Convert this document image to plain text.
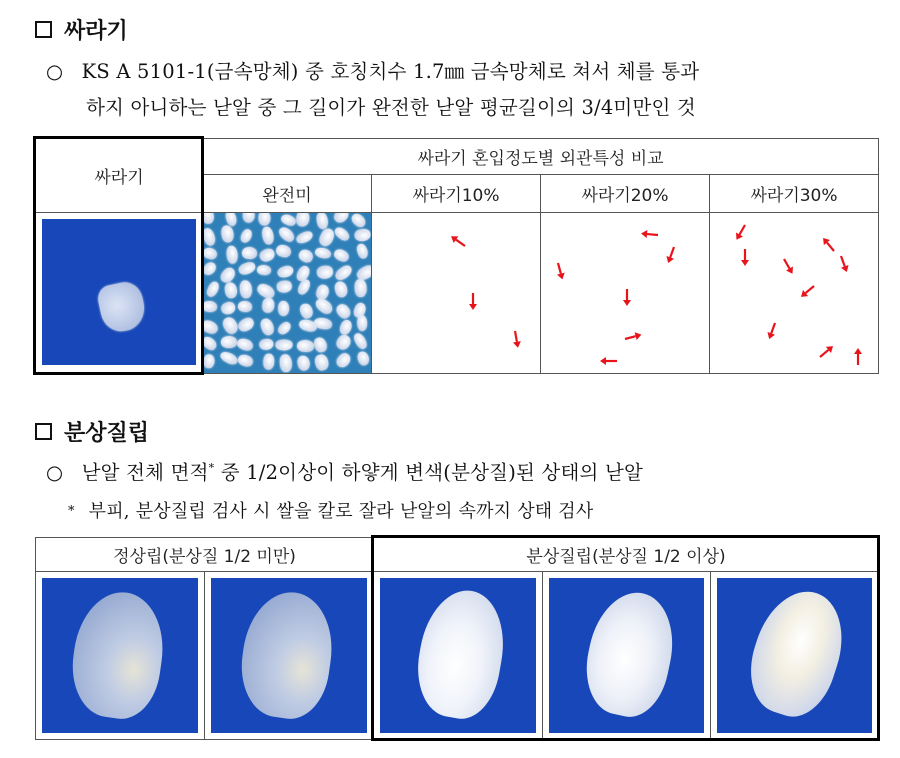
싸라기
○ KS A 5101-1(금속망체) 중 호칭치수 1.7㎜ 금속망체로 쳐서 체를 통과
하지 아니하는 낟알 중 그 길이가 완전한 낟알 평균길이의 3/4미만인 것
싸라기	싸라기 혼입정도별 외관특성 비교			
	완전미	싸라기10%	싸라기20%	싸라기30%

분상질립
○ 낟알 전체 면적* 중 1/2이상이 하얗게 변색(분상질)된 상태의 낟알
* 부피, 분상질립 검사 시 쌀을 칼로 잘라 낟알의 속까지 상태 검사
정상립(분상질 1/2 미만)		분상질립(분상질 1/2 이상)		
